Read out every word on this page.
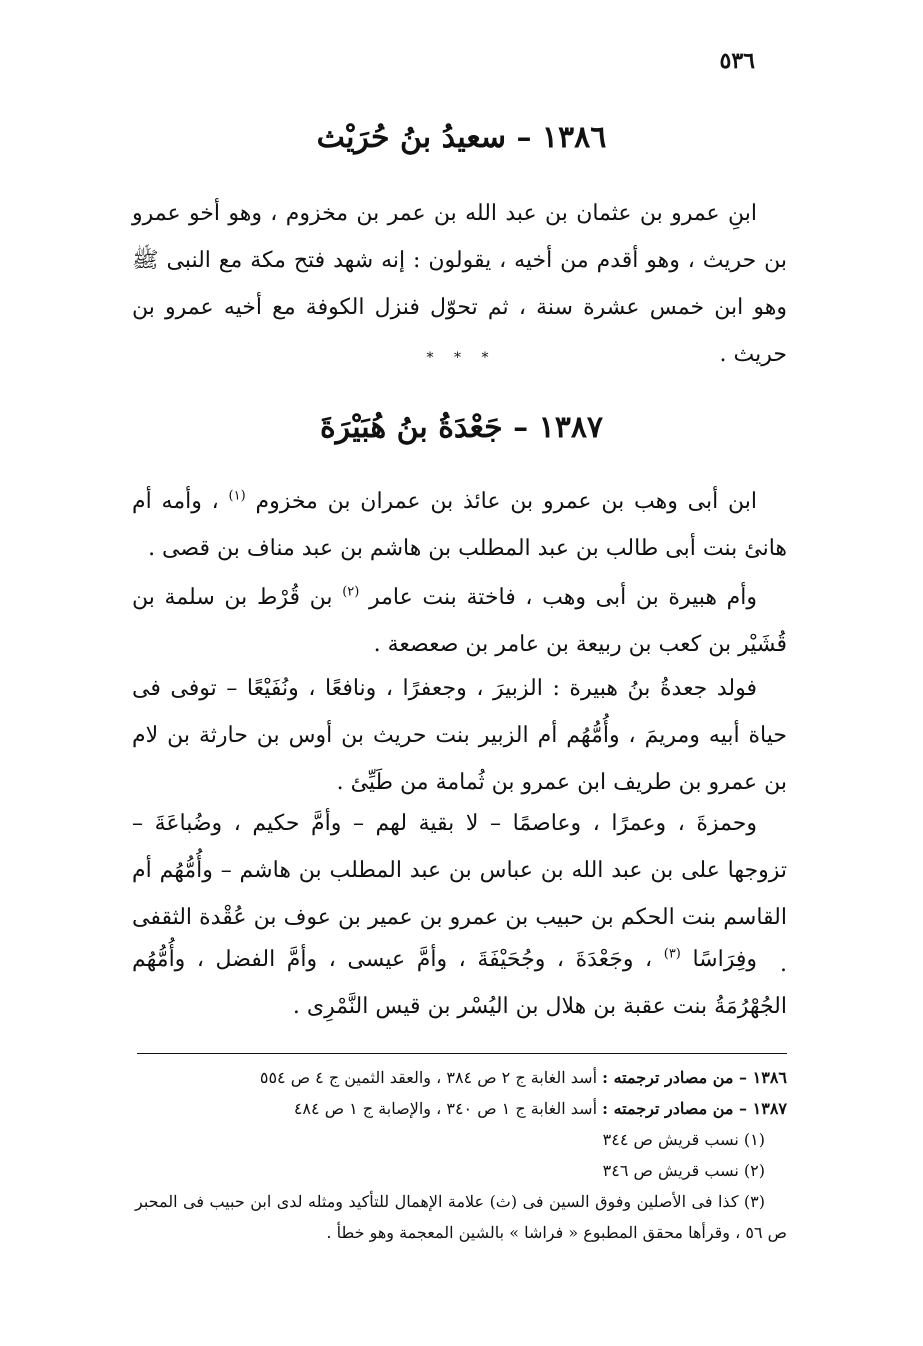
٥٣٦
١٣٨٦ – سعيدُ بنُ حُرَيْث

ابنِ عمرو بن عثمان بن عبد الله بن عمر بن مخزوم ، وهو أخو عمرو بن حريث ، وهو أقدم من أخيه ، يقولون : إنه شهد فتح مكة مع النبى ﷺ وهو ابن خمس عشرة سنة ، ثم تحوّل فنزل الكوفة مع أخيه عمرو بن حريث .

* * *
١٣٨٧ – جَعْدَةُ بنُ هُبَيْرَةَ

ابن أبى وهب بن عمرو بن عائذ بن عمران بن مخزوم $^{(١)}$ ، وأمه أم هانئ بنت أبى طالب بن عبد المطلب بن هاشم بن عبد مناف بن قصى .

وأم هبيرة بن أبى وهب ، فاختة بنت عامر $^{(٢)}$ بن قُرْط بن سلمة بن قُشَيْر بن كعب بن ربيعة بن عامر بن صعصعة .

فولد جعدةُ بنُ هبيرة : الزبيرَ ، وجعفرًا ، ونافعًا ، ونُفَيْعًا – توفى فى حياة أبيه ومريمَ ، وأُمُّهُم أم الزبير بنت حريث بن أوس بن حارثة بن لام بن عمرو بن طريف ابن عمرو بن ثُمامة من طَيِّئ .

وحمزةَ ، وعمرًا ، وعاصمًا – لا بقية لهم – وأمَّ حكيم ، وضُباعَةَ – تزوجها على بن عبد الله بن عباس بن عبد المطلب بن هاشم – وأُمُّهُم أم القاسم بنت الحكم بن حبيب بن عمرو بن عمير بن عوف بن عُقْدة الثقفى .

وفِرَاسًا $^{(٣)}$ ، وجَعْدَةَ ، وجُحَيْفَةَ ، وأمَّ عيسى ، وأمَّ الفضل ، وأُمُّهُم الجُهْرُمَةُ بنت عقبة بن هلال بن اليُسْر بن قيس النَّمْرِى .

١٣٨٦ – من مصادر ترجمته : أسد الغابة ج ٢ ص ٣٨٤ ، والعقد الثمين ج ٤ ص ٥٥٤
١٣٨٧ – من مصادر ترجمته : أسد الغابة ج ١ ص ٣٤٠ ، والإصابة ج ١ ص ٤٨٤
(١) نسب قريش ص ٣٤٤
(٢) نسب قريش ص ٣٤٦
(٣) كذا فى الأصلين وفوق السين فى (ث) علامة الإهمال للتأكيد ومثله لدى ابن حبيب فى المحبر ص ٥٦ ، وقرأها محقق المطبوع « فراشا » بالشين المعجمة وهو خطأ .
